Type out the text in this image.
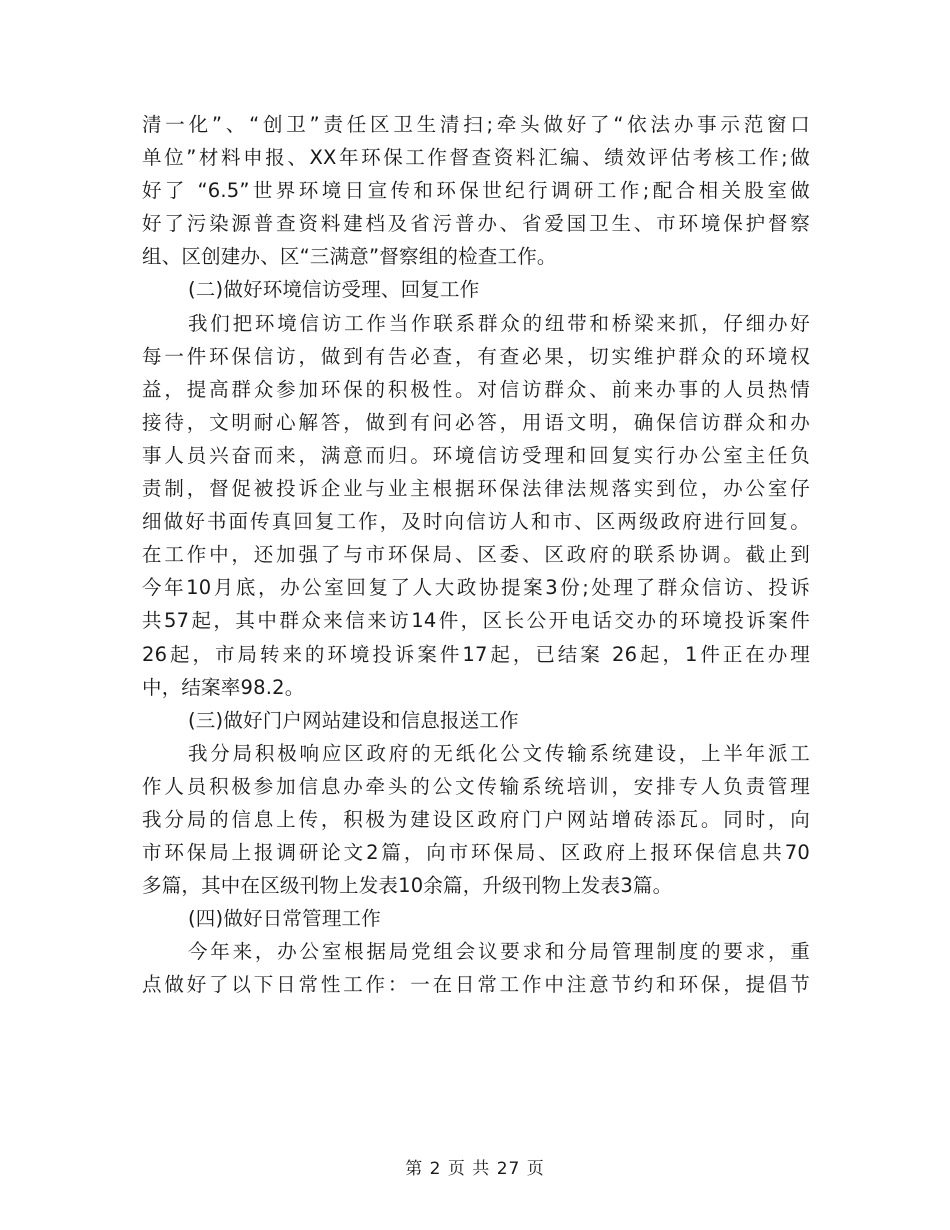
清一化”、“创卫”责任区卫生清扫;牵头做好了“依法办事示范窗口
单位”材料申报、XX年环保工作督查资料汇编、绩效评估考核工作;做
好了 “6.5”世界环境日宣传和环保世纪行调研工作;配合相关股室做
好了污染源普查资料建档及省污普办、省爱国卫生、市环境保护督察
组、区创建办、区“三满意”督察组的检查工作。
(二)做好环境信访受理、回复工作
我们把环境信访工作当作联系群众的纽带和桥梁来抓，仔细办好
每一件环保信访，做到有告必查，有查必果，切实维护群众的环境权
益，提高群众参加环保的积极性。对信访群众、前来办事的人员热情
接待，文明耐心解答，做到有问必答，用语文明，确保信访群众和办
事人员兴奋而来，满意而归。环境信访受理和回复实行办公室主任负
责制，督促被投诉企业与业主根据环保法律法规落实到位，办公室仔
细做好书面传真回复工作，及时向信访人和市、区两级政府进行回复。
在工作中，还加强了与市环保局、区委、区政府的联系协调。截止到
今年10月底，办公室回复了人大政协提案3份;处理了群众信访、投诉
共57起，其中群众来信来访14件，区长公开电话交办的环境投诉案件
26起，市局转来的环境投诉案件17起，已结案 26起，1件正在办理
中，结案率98.2。
(三)做好门户网站建设和信息报送工作
我分局积极响应区政府的无纸化公文传输系统建设，上半年派工
作人员积极参加信息办牵头的公文传输系统培训，安排专人负责管理
我分局的信息上传，积极为建设区政府门户网站增砖添瓦。同时，向
市环保局上报调研论文2篇，向市环保局、区政府上报环保信息共70
多篇，其中在区级刊物上发表10余篇，升级刊物上发表3篇。
(四)做好日常管理工作
今年来，办公室根据局党组会议要求和分局管理制度的要求，重
点做好了以下日常性工作：一在日常工作中注意节约和环保，提倡节
第 2 页 共 27 页
